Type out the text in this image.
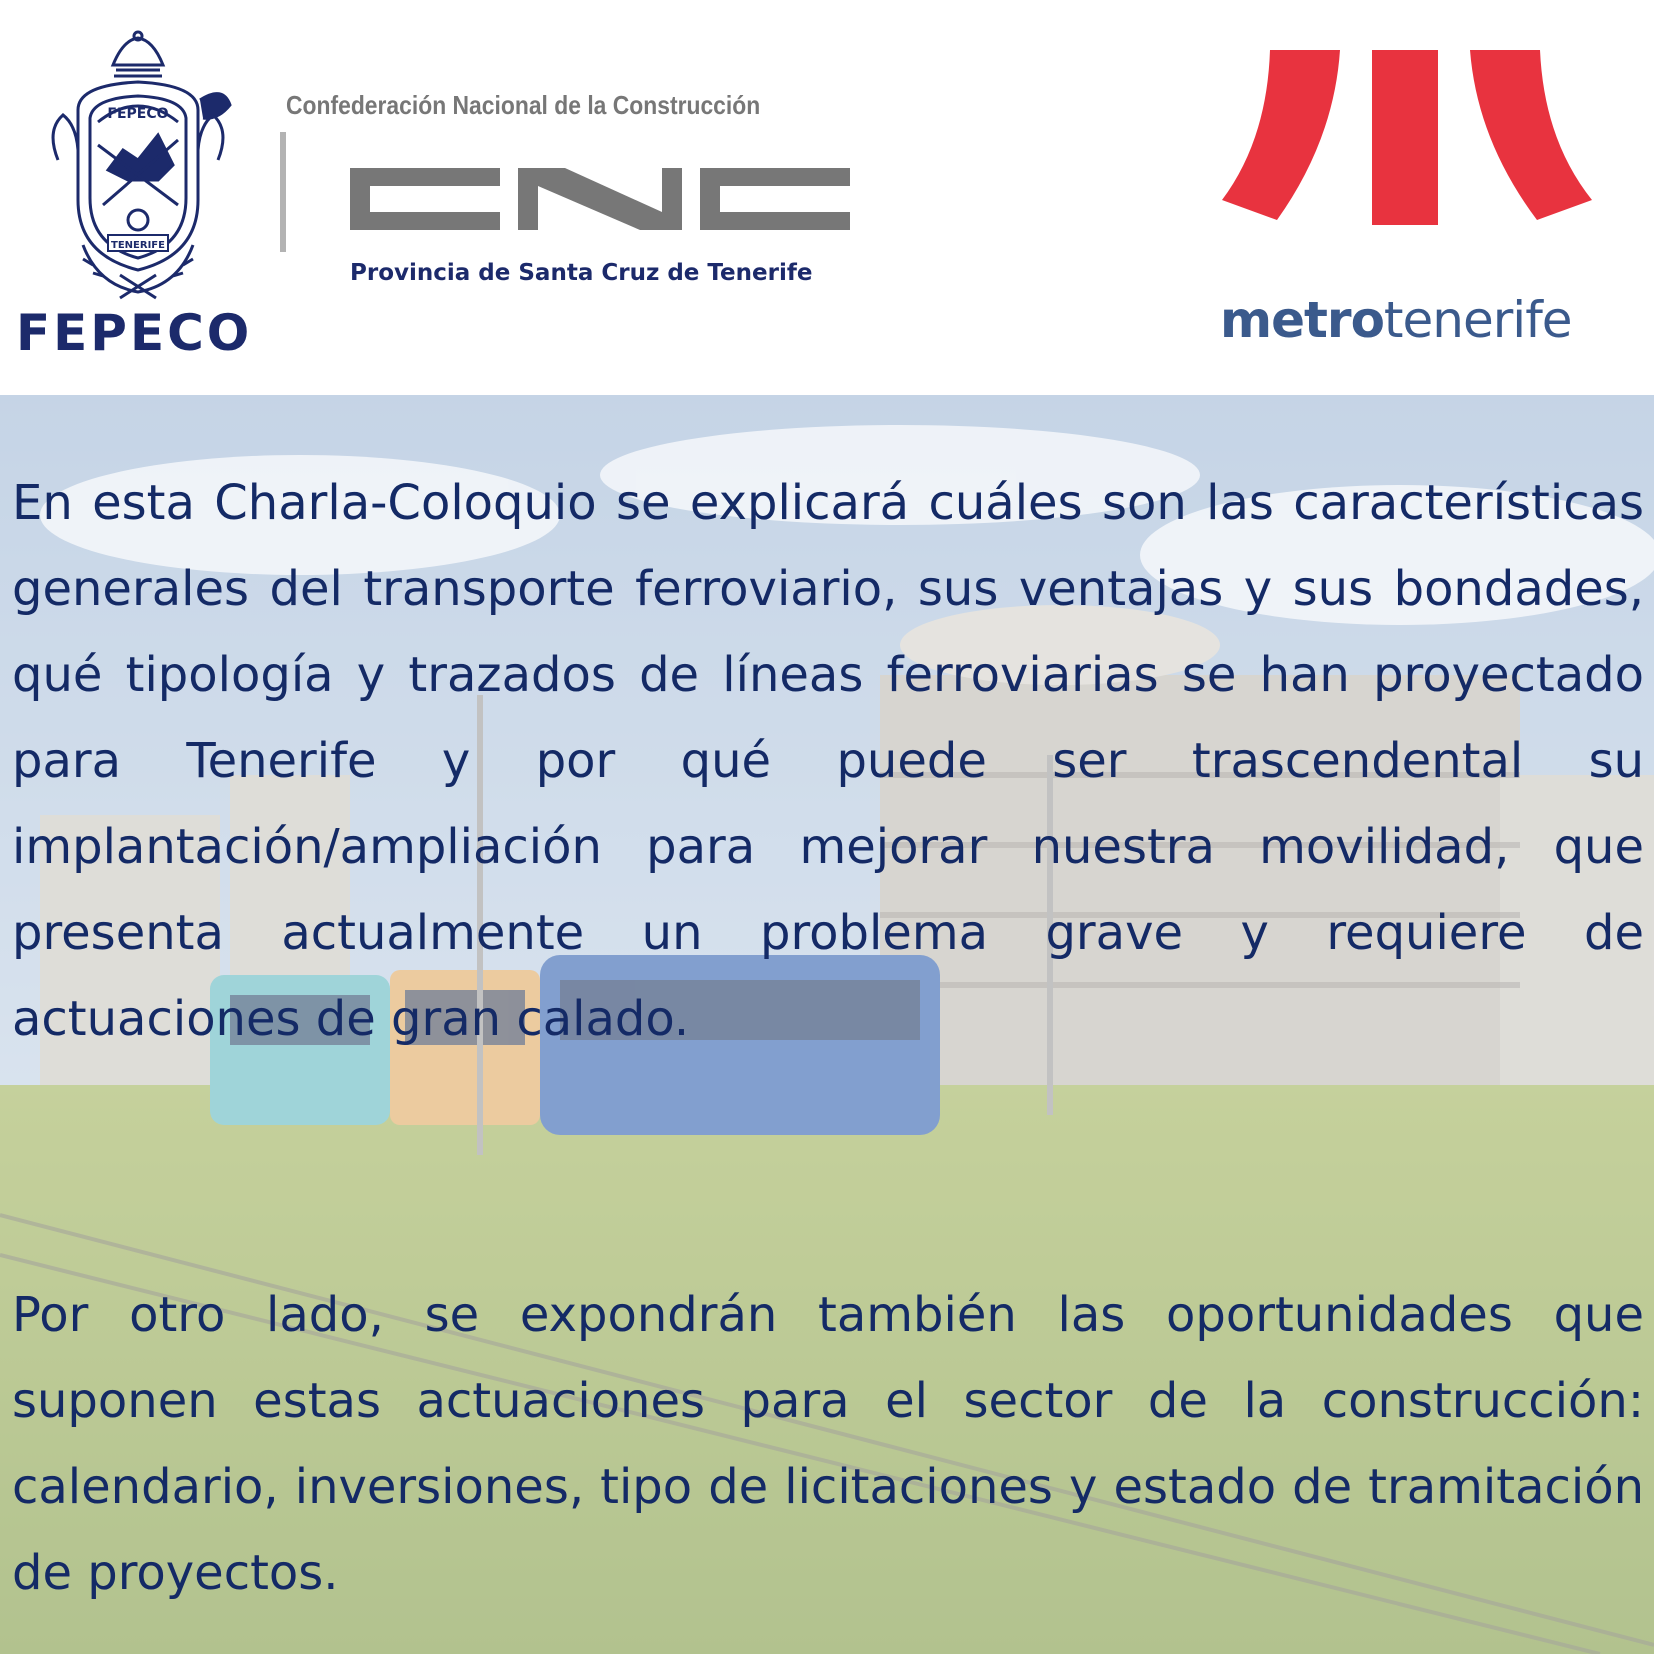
FEPECO
TENERIFE
FEPECO
Confederación Nacional de la Construcción
Provincia de Santa Cruz de Tenerife
metrotenerife

En esta Charla-Coloquio se explicará cuáles son las características generales del transporte ferroviario, sus ventajas y sus bondades, qué tipología y trazados de líneas ferroviarias se han proyectado para Tenerife y por qué puede ser trascendental su implantación/ampliación para mejorar nuestra movilidad, que presenta actualmente un problema grave y requiere de actuaciones de gran calado.

Por otro lado, se expondrán también las oportunidades que suponen estas actuaciones para el sector de la construcción: calendario, inversiones, tipo de licitaciones y estado de tramitación de proyectos.
